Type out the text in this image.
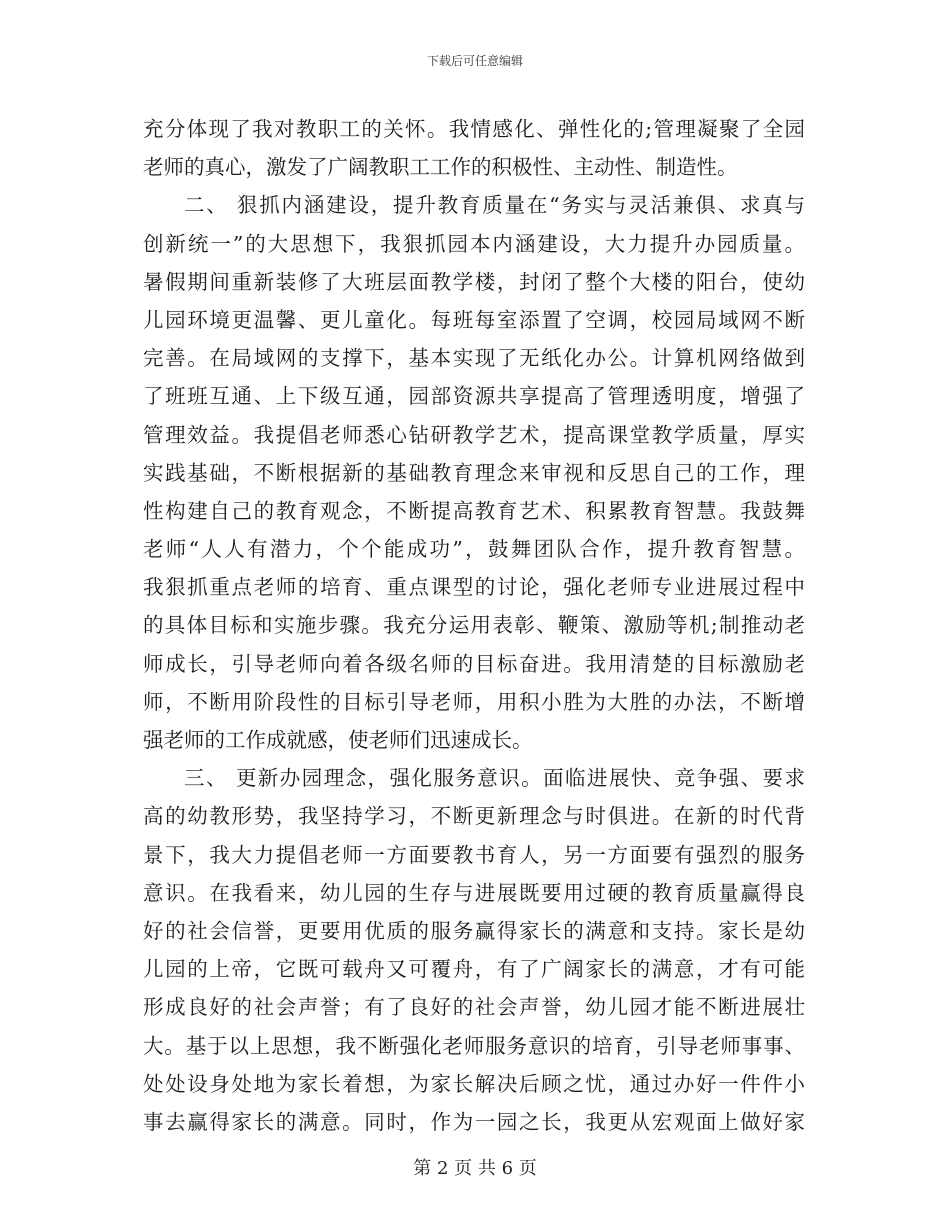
下载后可任意编辑
充分体现了我对教职工的关怀。我情感化、弹性化的;管理凝聚了全园
老师的真心，激发了广阔教职工工作的积极性、主动性、制造性。
二、 狠抓内涵建设，提升教育质量在“务实与灵活兼俱、求真与
创新统一”的大思想下，我狠抓园本内涵建设，大力提升办园质量。
暑假期间重新装修了大班层面教学楼，封闭了整个大楼的阳台，使幼
儿园环境更温馨、更儿童化。每班每室添置了空调，校园局域网不断
完善。在局域网的支撑下，基本实现了无纸化办公。计算机网络做到
了班班互通、上下级互通，园部资源共享提高了管理透明度，增强了
管理效益。我提倡老师悉心钻研教学艺术，提高课堂教学质量，厚实
实践基础，不断根据新的基础教育理念来审视和反思自己的工作，理
性构建自己的教育观念，不断提高教育艺术、积累教育智慧。我鼓舞
老师“人人有潜力，个个能成功”，鼓舞团队合作，提升教育智慧。
我狠抓重点老师的培育、重点课型的讨论，强化老师专业进展过程中
的具体目标和实施步骤。我充分运用表彰、鞭策、激励等机;制推动老
师成长，引导老师向着各级名师的目标奋进。我用清楚的目标激励老
师，不断用阶段性的目标引导老师，用积小胜为大胜的办法，不断增
强老师的工作成就感，使老师们迅速成长。
三、 更新办园理念，强化服务意识。面临进展快、竞争强、要求
高的幼教形势，我坚持学习，不断更新理念与时俱进。在新的时代背
景下，我大力提倡老师一方面要教书育人，另一方面要有强烈的服务
意识。在我看来，幼儿园的生存与进展既要用过硬的教育质量赢得良
好的社会信誉，更要用优质的服务赢得家长的满意和支持。家长是幼
儿园的上帝，它既可载舟又可覆舟，有了广阔家长的满意，才有可能
形成良好的社会声誉；有了良好的社会声誉，幼儿园才能不断进展壮
大。基于以上思想，我不断强化老师服务意识的培育，引导老师事事、
处处设身处地为家长着想，为家长解决后顾之忧，通过办好一件件小
事去赢得家长的满意。同时，作为一园之长，我更从宏观面上做好家
第 2 页 共 6 页
